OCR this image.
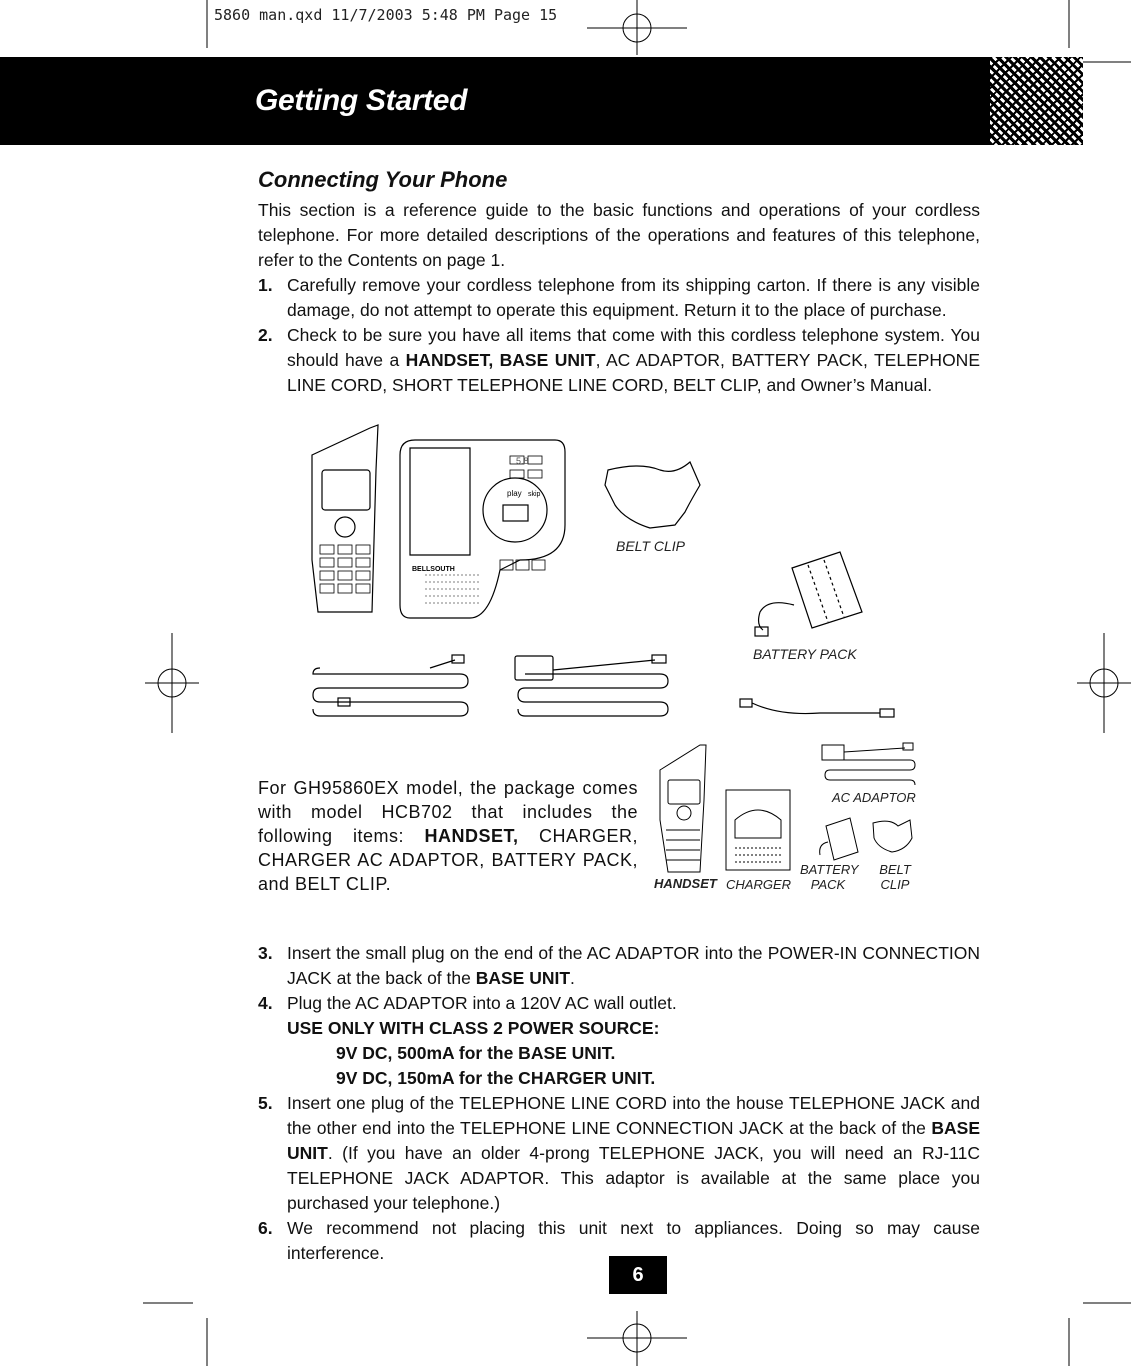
5860 man.qxd 11/7/2003 5:48 PM Page 15
Getting Started
Connecting Your Phone
This section is a reference guide to the basic functions and operations of your cordless telephone. For more detailed descriptions of the operations and features of this telephone, refer to the Contents on page 1.
1. Carefully remove your cordless telephone from its shipping carton. If there is any visible damage, do not attempt to operate this equipment. Return it to the place of purchase.
2. Check to be sure you have all items that come with this cordless telephone system. You should have a HANDSET, BASE UNIT, AC ADAPTOR, BATTERY PACK, TELEPHONE LINE CORD, SHORT TELEPHONE LINE CORD, BELT CLIP, and Owner’s Manual.
5.8
play skip
BELLSOUTH
BELT CLIP
BATTERY PACK
For GH95860EX model, the package comes with model HCB702 that includes the following items: HANDSET, CHARGER, CHARGER AC ADAPTOR, BATTERY PACK, and BELT CLIP.	HANDSET CHARGER
AC ADAPTOR
BATTERY PACK
BELT CLIP
3. Insert the small plug on the end of the AC ADAPTOR into the POWER-IN CONNECTION JACK at the back of the BASE UNIT.
4. Plug the AC ADAPTOR into a 120V AC wall outlet.
USE ONLY WITH CLASS 2 POWER SOURCE:
9V DC, 500mA for the BASE UNIT.
9V DC, 150mA for the CHARGER UNIT.
5. Insert one plug of the TELEPHONE LINE CORD into the house TELEPHONE JACK and the other end into the TELEPHONE LINE CONNECTION JACK at the back of the BASE UNIT. (If you have an older 4-prong TELEPHONE JACK, you will need an RJ-11C TELEPHONE JACK ADAPTOR. This adaptor is available at the same place you purchased your telephone.)
6. We recommend not placing this unit next to appliances. Doing so may cause interference.
6
